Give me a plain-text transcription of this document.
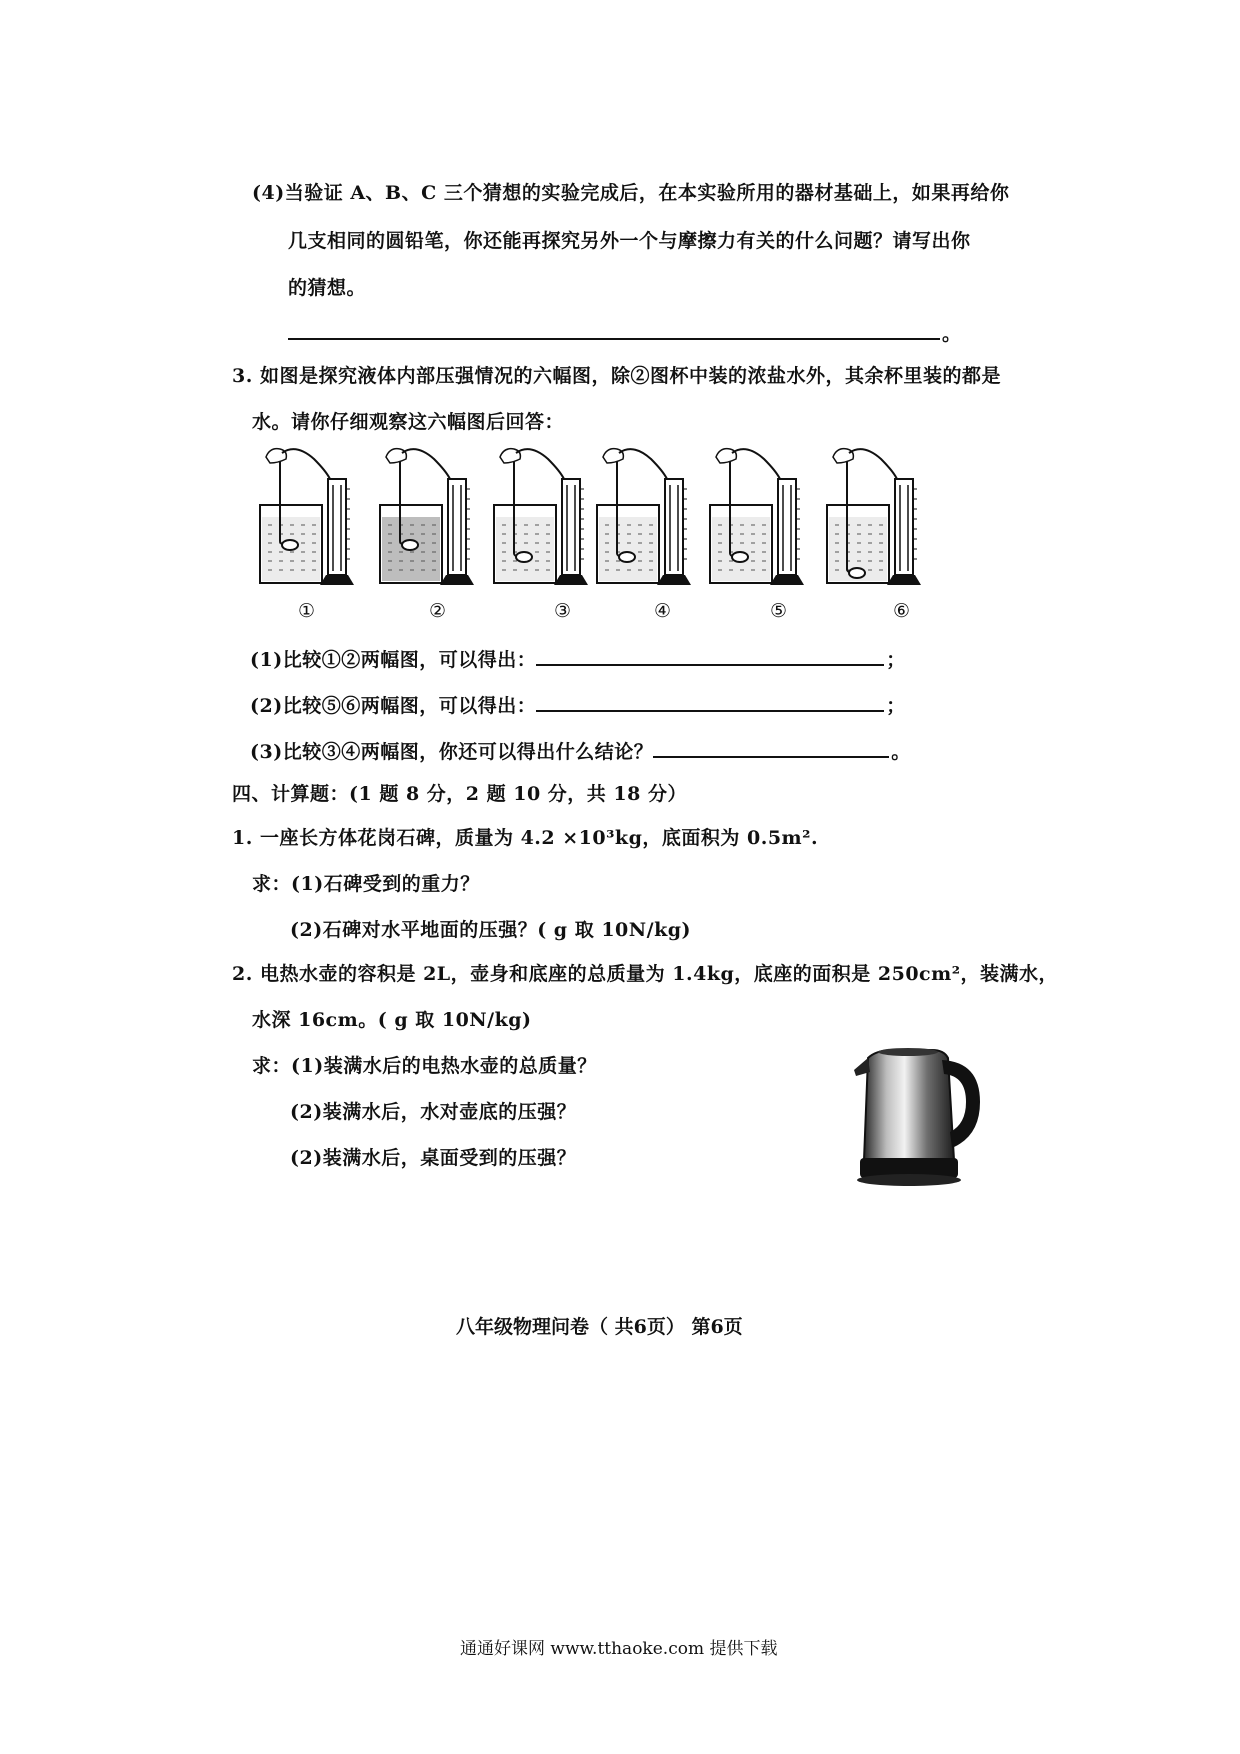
(4)当验证 A、B、C 三个猜想的实验完成后，在本实验所用的器材基础上，如果再给你
几支相同的圆铅笔，你还能再探究另外一个与摩擦力有关的什么问题？请写出你
的猜想。
。
3. 如图是探究液体内部压强情况的六幅图，除②图杯中装的浓盐水外，其余杯里装的都是
水。请你仔细观察这六幅图后回答：
①	②	③	④	⑤	⑥
(1)比较①②两幅图，可以得出：	；
(2)比较⑤⑥两幅图，可以得出：	；
(3)比较③④两幅图，你还可以得出什么结论？	。
四、计算题：(1 题 8 分，2 题 10 分，共 18 分）
1. 一座长方体花岗石碑，质量为 4.2 ×10³kg，底面积为 0.5m².
求：(1)石碑受到的重力？
(2)石碑对水平地面的压强？( g 取 10N/kg)
2. 电热水壶的容积是 2L，壶身和底座的总质量为 1.4kg，底座的面积是 250cm²，装满水，
水深 16cm。( g 取 10N/kg)
求：(1)装满水后的电热水壶的总质量？
(2)装满水后，水对壶底的压强？
(2)装满水后，桌面受到的压强？
八年级物理问卷（ 共6页） 第6页
通通好课网 www.tthaoke.com 提供下载
